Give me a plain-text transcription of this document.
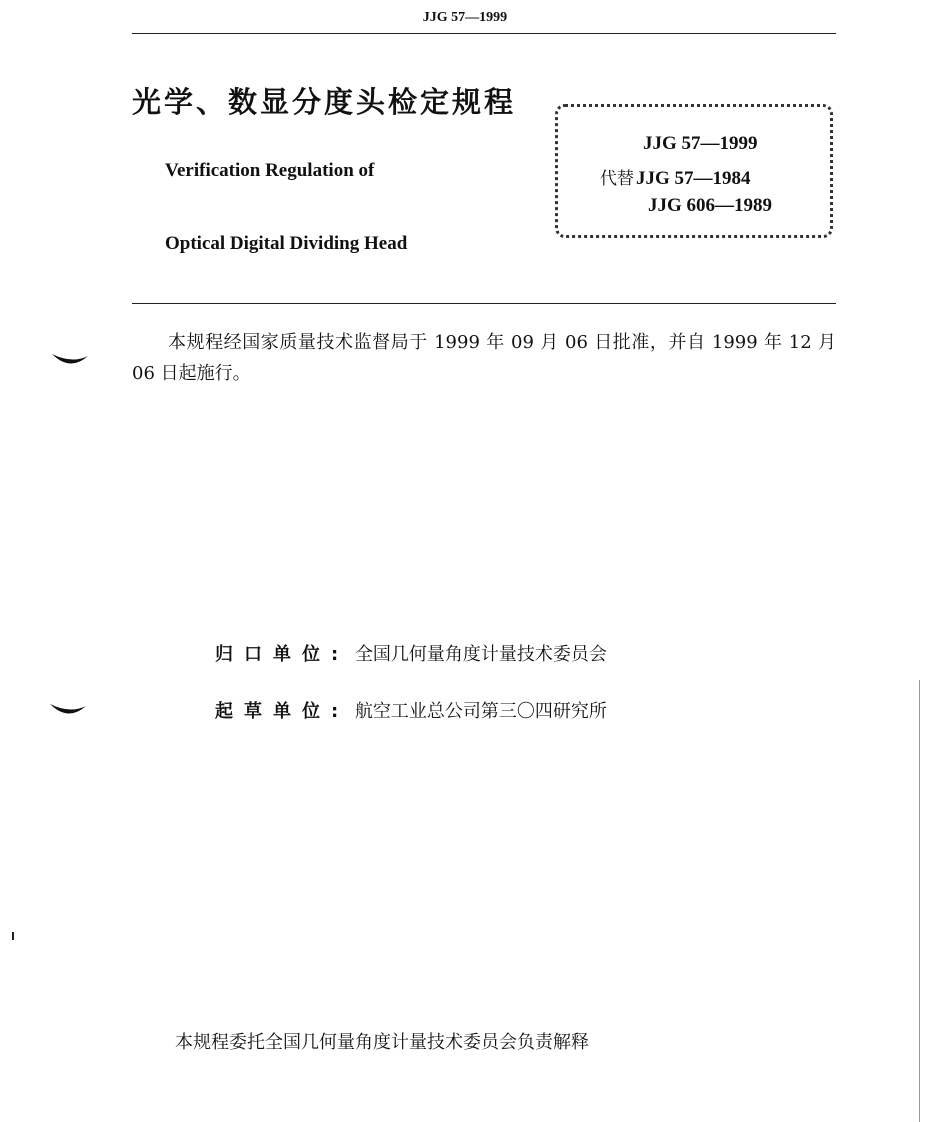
JJG 57—1999
光学、数显分度头检定规程
Verification Regulation of
Optical Digital Dividing Head
JJG 57—1999
代替 JJG 57—1984
JJG 606—1989
本规程经国家质量技术监督局于 1999 年 09 月 06 日批准，并自 1999 年 12 月 06 日起施行。
归口单位: 全国几何量角度计量技术委员会
起草单位: 航空工业总公司第三〇四研究所
本规程委托全国几何量角度计量技术委员会负责解释
